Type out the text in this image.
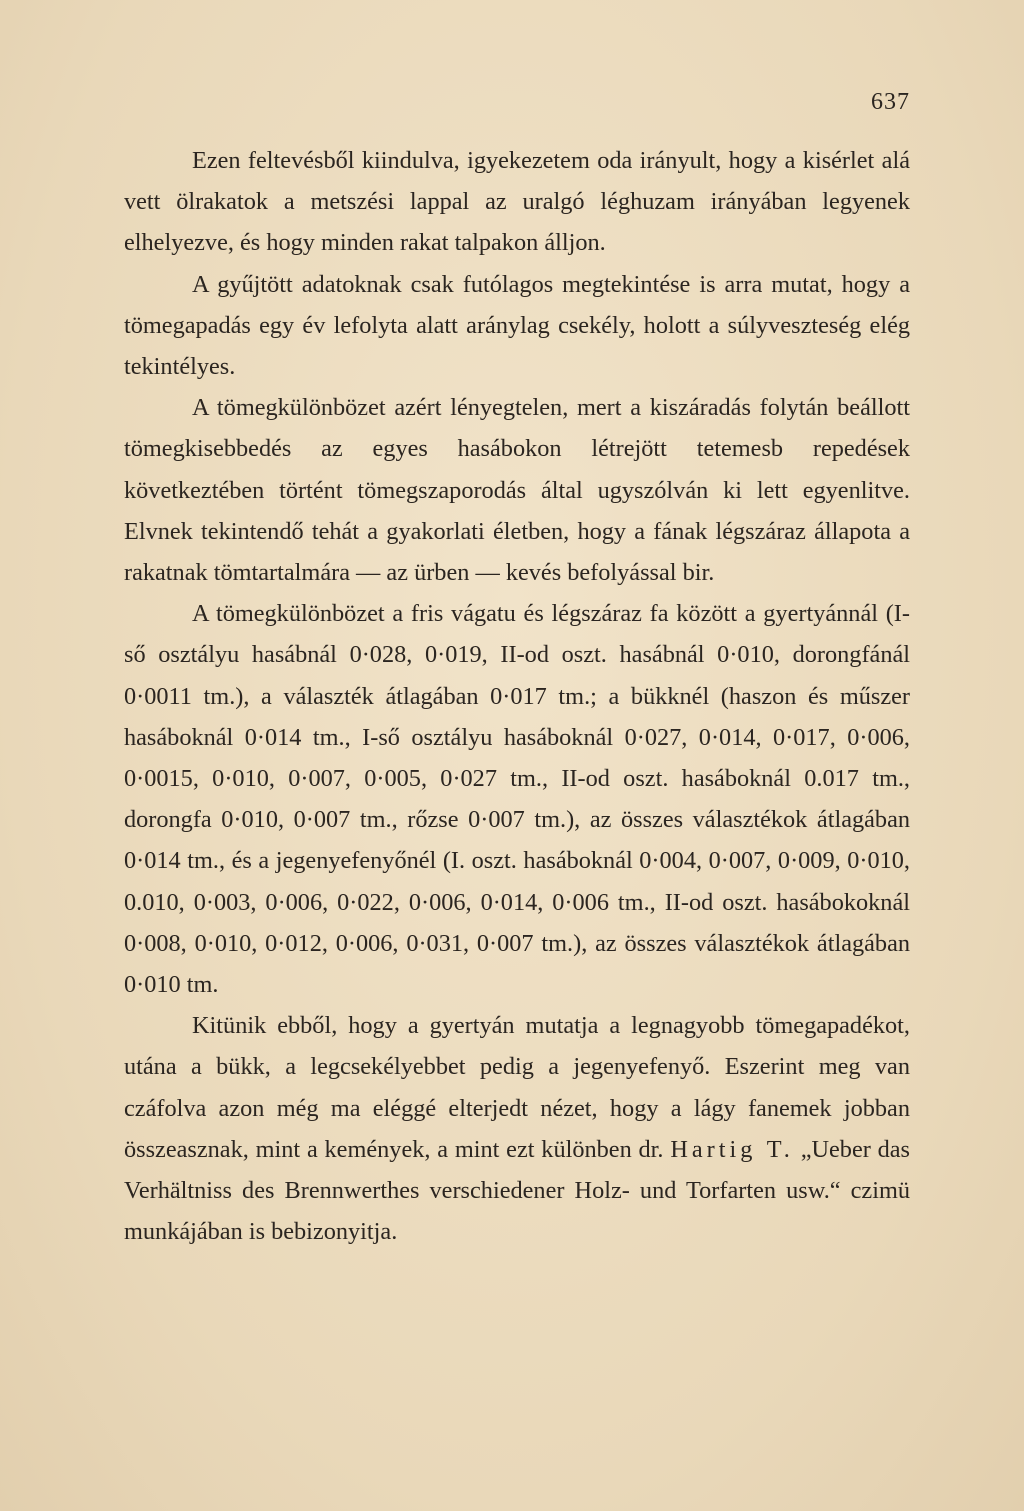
637

Ezen feltevésből kiindulva, igyekezetem oda irányult, hogy a kisérlet alá vett ölrakatok a metszési lappal az uralgó léghuzam irányában legyenek elhelyezve, és hogy minden rakat talpakon álljon.

A gyűjtött adatoknak csak futólagos megtekintése is arra mutat, hogy a tömegapadás egy év lefolyta alatt aránylag csekély, holott a súlyveszteség elég tekintélyes.

A tömegkülönbözet azért lényegtelen, mert a kiszáradás folytán beállott tömegkisebbedés az egyes hasábokon létrejött tetemesb repedések következtében történt tömegszaporodás által ugyszólván ki lett egyenlitve. Elvnek tekintendő tehát a gyakorlati életben, hogy a fának légszáraz állapota a rakatnak tömtartalmára — az ürben — kevés befolyással bir.

A tömegkülönbözet a fris vágatu és légszáraz fa között a gyertyánnál (I-ső osztályu hasábnál 0·028, 0·019, II-od oszt. hasábnál 0·010, dorongfánál 0·0011 tm.), a választék átlagában 0·017 tm.; a bükknél (haszon és műszer hasáboknál 0·014 tm., I-ső osztályu hasáboknál 0·027, 0·014, 0·017, 0·006, 0·0015, 0·010, 0·007, 0·005, 0·027 tm., II-od oszt. hasáboknál 0.017 tm., dorongfa 0·010, 0·007 tm., rőzse 0·007 tm.), az összes választékok átlagában 0·014 tm., és a jegenyefenyőnél (I. oszt. hasáboknál 0·004, 0·007, 0·009, 0·010, 0.010, 0·003, 0·006, 0·022, 0·006, 0·014, 0·006 tm., II-od oszt. hasábokoknál 0·008, 0·010, 0·012, 0·006, 0·031, 0·007 tm.), az összes választékok átlagában 0·010 tm.

Kitünik ebből, hogy a gyertyán mutatja a legnagyobb tömegapadékot, utána a bükk, a legcsekélyebbet pedig a jegenyefenyő. Eszerint meg van czáfolva azon még ma eléggé elterjedt nézet, hogy a lágy fanemek jobban összeasznak, mint a kemények, a mint ezt különben dr. Hartig T. „Ueber das Verhältniss des Brennwerthes verschiedener Holz- und Torfarten usw.“ czimü munkájában is bebizonyitja.
